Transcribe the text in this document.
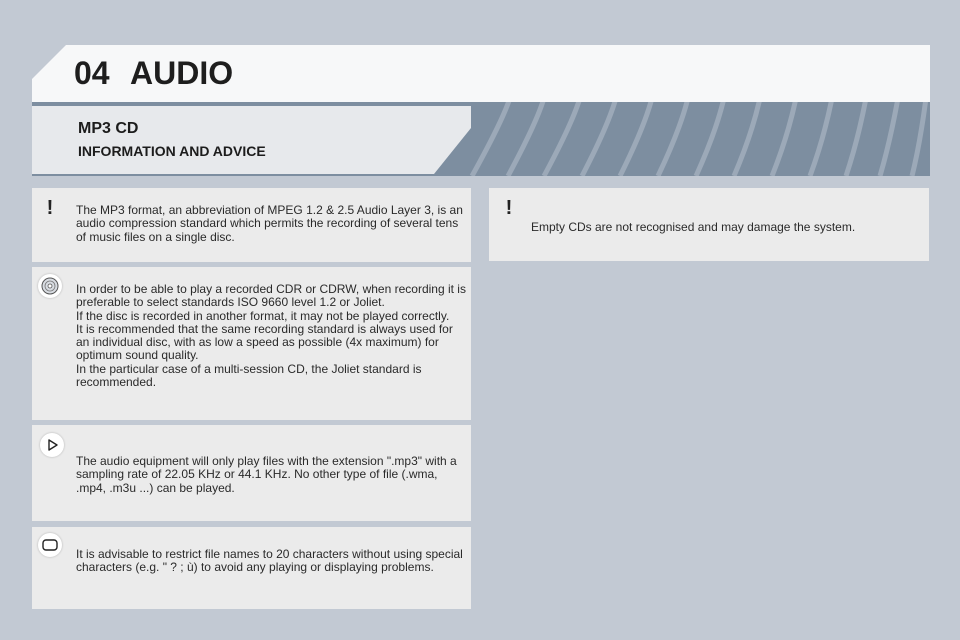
04 AUDIO
MP3 CD
INFORMATION AND ADVICE
! The MP3 format, an abbreviation of MPEG 1.2 & 2.5 Audio Layer 3, is an audio compression standard which permits the recording of several tens of music files on a single disc.
In order to be able to play a recorded CDR or CDRW, when recording it is preferable to select standards ISO 9660 level 1.2 or Joliet.
If the disc is recorded in another format, it may not be played correctly.
It is recommended that the same recording standard is always used for an individual disc, with as low a speed as possible (4x maximum) for optimum sound quality.
In the particular case of a multi-session CD, the Joliet standard is recommended.
The audio equipment will only play files with the extension ".mp3" with a sampling rate of 22.05 KHz or 44.1 KHz. No other type of file (.wma, .mp4, .m3u ...) can be played.
It is advisable to restrict file names to 20 characters without using special characters (e.g. " ? ; ù) to avoid any playing or displaying problems.
!
Empty CDs are not recognised and may damage the system.
